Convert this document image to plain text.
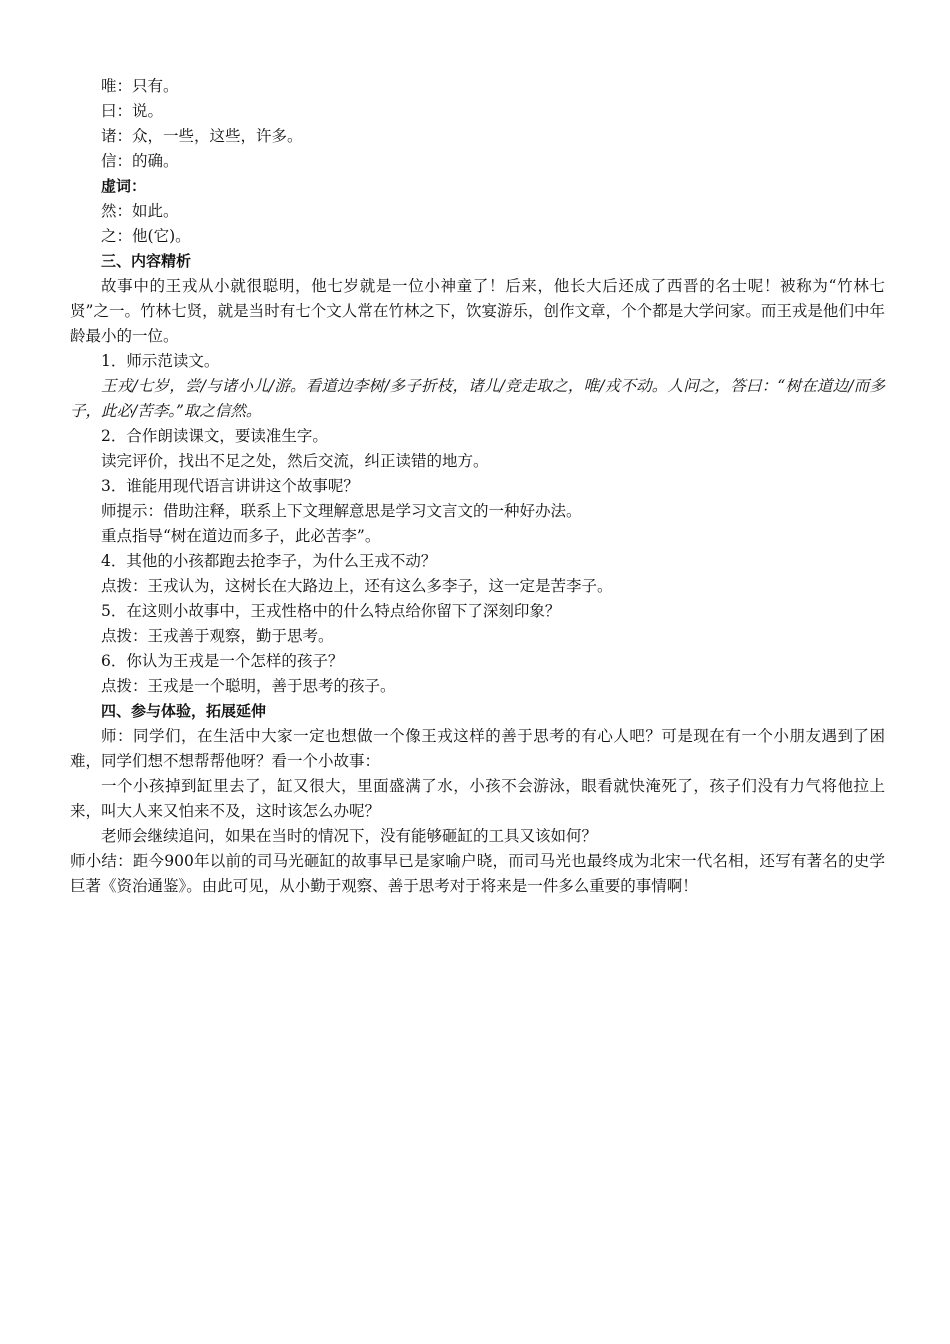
唯：只有。

曰：说。

诸：众，一些，这些，许多。

信：的确。

虚词：

然：如此。

之：他(它)。

三、内容精析

故事中的王戎从小就很聪明，他七岁就是一位小神童了！后来，他长大后还成了西晋的名士呢！被称为“竹林七贤”之一。竹林七贤，就是当时有七个文人常在竹林之下，饮宴游乐，创作文章，个个都是大学问家。而王戎是他们中年龄最小的一位。

1．师示范读文。

王戎/七岁，尝/与诸小儿/游。看道边李树/多子折枝，诸儿/竞走取之，唯/戎不动。人问之，答曰：“树在道边/而多子，此必/苦李。”取之信然。

2．合作朗读课文，要读准生字。

读完评价，找出不足之处，然后交流，纠正读错的地方。

3．谁能用现代语言讲讲这个故事呢？

师提示：借助注释，联系上下文理解意思是学习文言文的一种好办法。

重点指导“树在道边而多子，此必苦李”。

4．其他的小孩都跑去抢李子，为什么王戎不动？

点拨：王戎认为，这树长在大路边上，还有这么多李子，这一定是苦李子。

5．在这则小故事中，王戎性格中的什么特点给你留下了深刻印象？

点拨：王戎善于观察，勤于思考。

6．你认为王戎是一个怎样的孩子？

点拨：王戎是一个聪明，善于思考的孩子。

四、参与体验，拓展延伸

师：同学们，在生活中大家一定也想做一个像王戎这样的善于思考的有心人吧？可是现在有一个小朋友遇到了困难，同学们想不想帮帮他呀？看一个小故事：

一个小孩掉到缸里去了，缸又很大，里面盛满了水，小孩不会游泳，眼看就快淹死了，孩子们没有力气将他拉上来，叫大人来又怕来不及，这时该怎么办呢？

老师会继续追问，如果在当时的情况下，没有能够砸缸的工具又该如何？

师小结：距今900年以前的司马光砸缸的故事早已是家喻户晓，而司马光也最终成为北宋一代名相，还写有著名的史学巨著《资治通鉴》。由此可见，从小勤于观察、善于思考对于将来是一件多么重要的事情啊！
